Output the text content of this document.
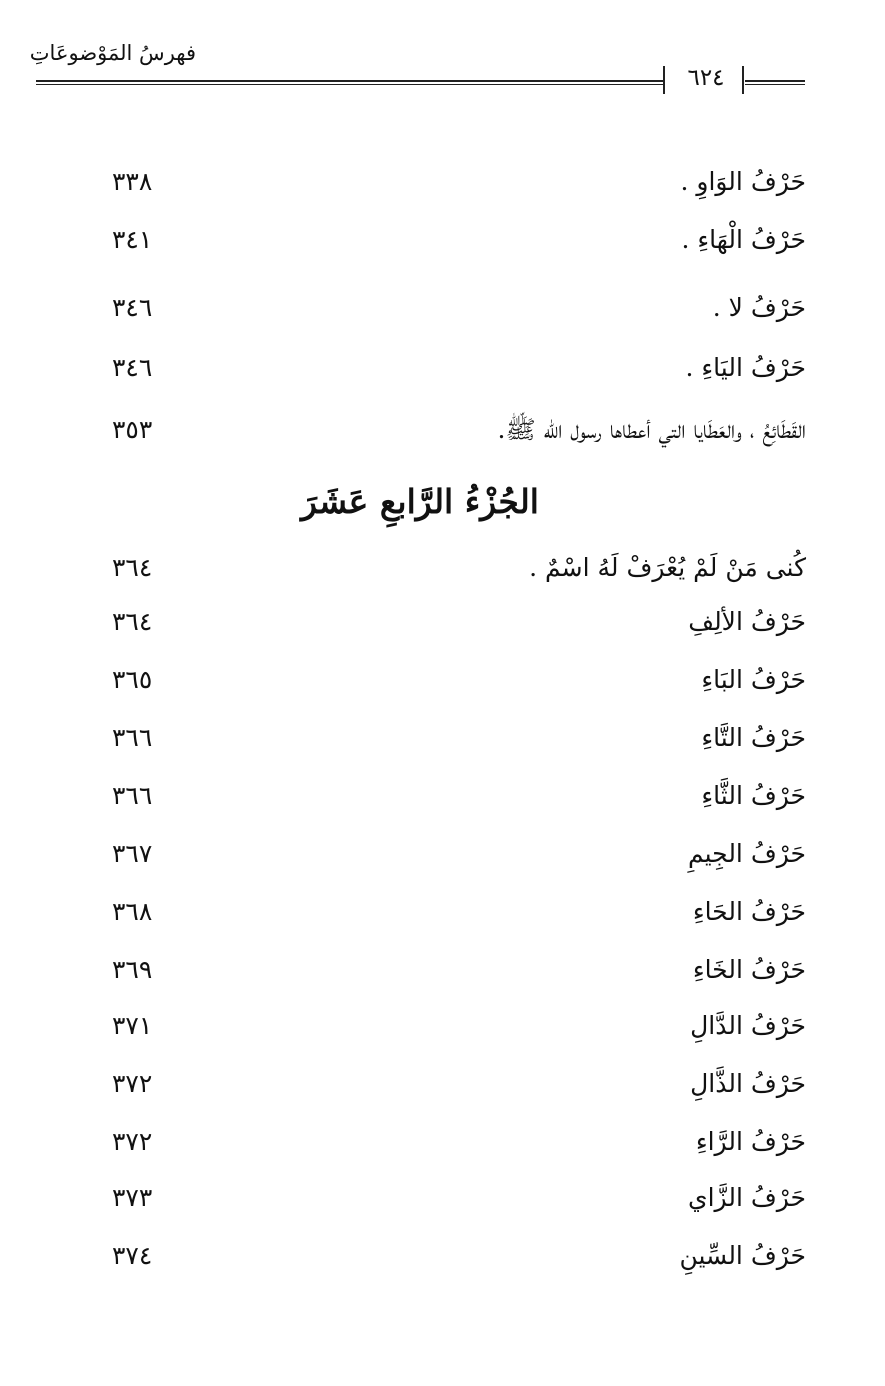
فهرسُ المَوْضوعَاتِ
٦٢٤
حَرْفُ الوَاوِ .
٣٣٨
حَرْفُ الْهَاءِ .
٣٤١
حَرْفُ لا .
٣٤٦
حَرْفُ اليَاءِ .
٣٤٦
القَطَائِعُ ، والعَطَايا التي أعطاها رسول الله ﷺ.
٣٥٣
الجُزْءُ الرَّابعِ عَشَرَ
كُنى مَنْ لَمْ يُعْرَفْ لَهُ اسْمٌ .
٣٦٤
حَرْفُ الألِفِ
٣٦٤
حَرْفُ البَاءِ
٣٦٥
حَرْفُ التَّاءِ
٣٦٦
حَرْفُ الثَّاءِ
٣٦٦
حَرْفُ الجِيمِ
٣٦٧
حَرْفُ الحَاءِ
٣٦٨
حَرْفُ الخَاءِ
٣٦٩
حَرْفُ الدَّالِ
٣٧١
حَرْفُ الذَّالِ
٣٧٢
حَرْفُ الرَّاءِ
٣٧٢
حَرْفُ الزَّاي
٣٧٣
حَرْفُ السِّينِ
٣٧٤
